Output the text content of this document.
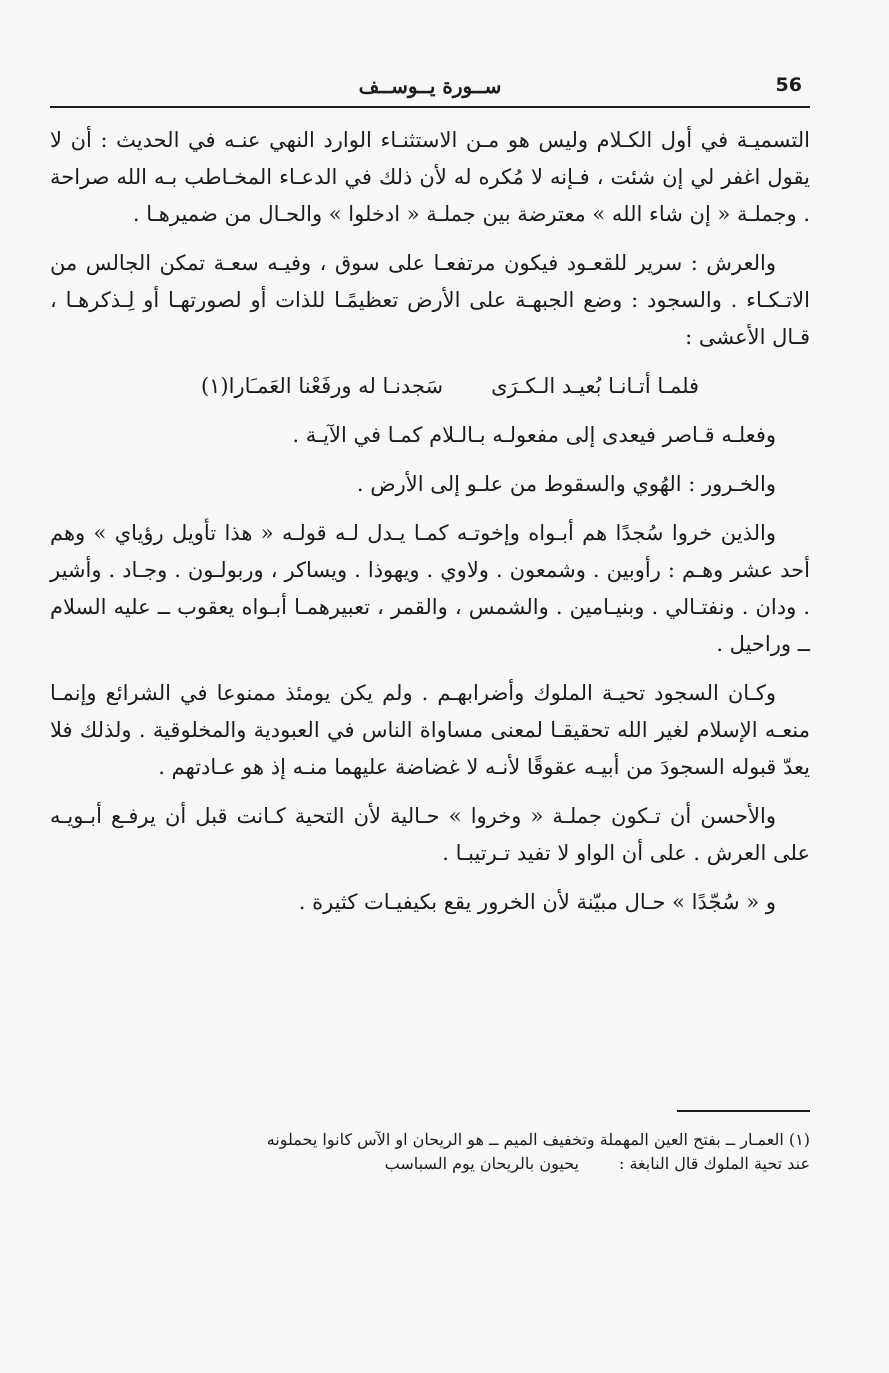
56
ســورة يــوســف

التسميـة في أول الكـلام وليس هو مـن الاستثنـاء الوارد النهي عنـه في الحديث : أن لا يقول اغفر لي إن شئت ، فـإنه لا مُكره له لأن ذلك في الدعـاء المخـاطب بـه الله صراحة . وجملـة « إن شاء الله » معترضة بين جملـة « ادخلوا » والحـال من ضميرهـا .

والعرش : سرير للقعـود فيكون مرتفعـا على سوق ، وفيـه سعـة تمكن الجالس من الاتـكـاء . والسجود : وضع الجبهـة على الأرض تعظيمًـا للذات أو لصورتهـا أو لِـذكرهـا ، قـال الأعشى :

فلمـا أتـانـا بُعيـد الـكـرَى
سَجدنـا له ورفَعْنا العَمـَارا(١)

وفعلـه قـاصر فيعدى إلى مفعولـه بـالـلام كمـا في الآيـة .

والخـرور : الهُوي والسقوط من علـو إلى الأرض .

والذين خروا سُجدًا هم أبـواه وإخوتـه كمـا يـدل لـه قولـه « هذا تأويل رؤياي » وهم أحد عشر وهـم : رأوبين . وشمعون . ولاوي . ويهوذا . ويساكر ، وربولـون . وجـاد . وأشير . ودان . ونفتـالي . وبنيـامين . والشمس ، والقمر ، تعبيرهمـا أبـواه يعقوب ــ عليه السلام ــ وراحيل .

وكـان السجود تحيـة الملوك وأضرابهـم . ولم يكن يومئذ ممنوعا في الشرائع وإنمـا منعـه الإسلام لغير الله تحقيقـا لمعنى مساواة الناس في العبودية والمخلوقية . ولذلك فلا يعدّ قبوله السجودَ من أبيـه عقوقًا لأنـه لا غضاضة عليهما منـه إذ هو عـادتهم .

والأحسن أن تـكون جملـة « وخروا » حـالية لأن التحية كـانت قبل أن يرفـع أبـويـه على العرش . على أن الواو لا تفيد تـرتيبـا .

و « سُجّدًا » حـال مبيّنة لأن الخرور يقع بكيفيـات كثيرة .

(١) العمـار ــ بفتح العين المهملة وتخفيف الميم ــ هو الريحان او الآس كانوا يحملونه

عند تحية الملوك قال النابغة :
يحيون بالريحان يوم السباسب
